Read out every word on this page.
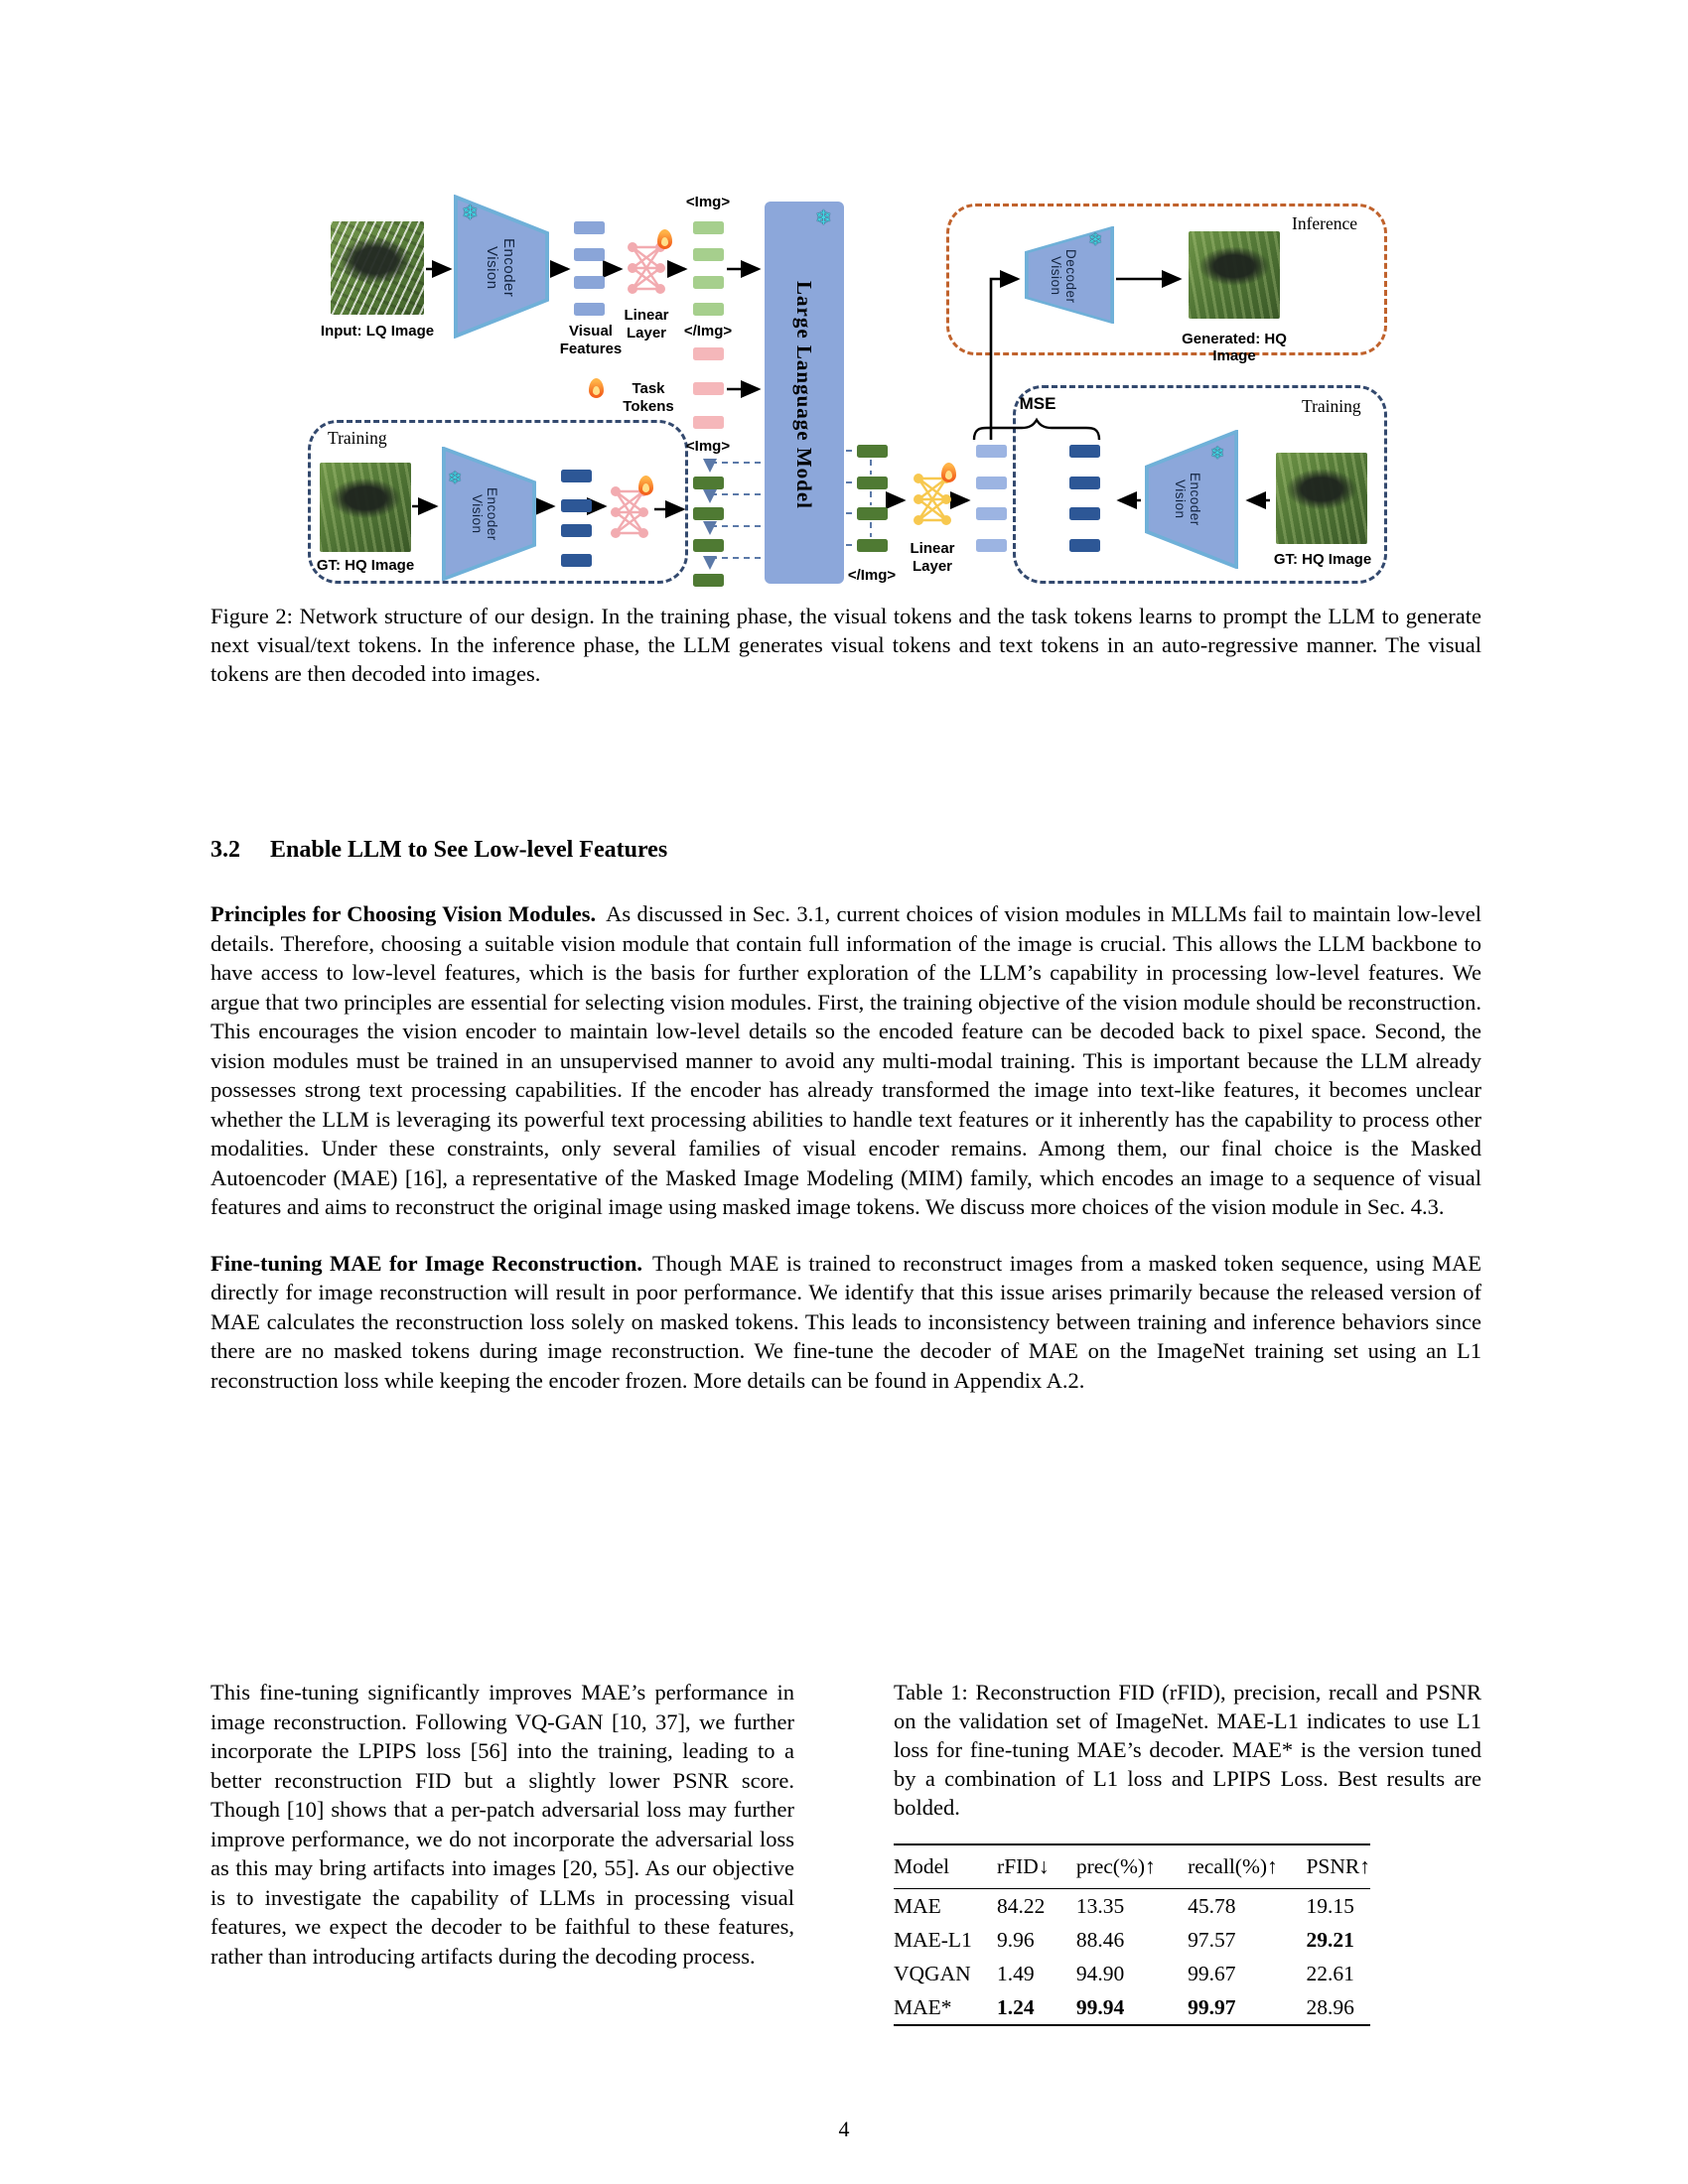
Training
Training
Inference
Input: LQ Image
Vision Encoder
❄
Visual Features
Linear Layer
<Img>
</Img>
Task Tokens	Large Language Model
❄
Vision Decoder
❄
Generated: HQ Image
GT: HQ Image
Vision Encoder
❄
<Img>
</Img>
Linear Layer
MSE
Vision Encoder
❄
GT: HQ Image
Figure 2: Network structure of our design. In the training phase, the visual tokens and the task tokens learns to prompt the LLM to generate next visual/text tokens. In the inference phase, the LLM generates visual tokens and text tokens in an auto-regressive manner. The visual tokens are then decoded into images.
3.2 Enable LLM to See Low-level Features

Principles for Choosing Vision Modules. As discussed in Sec. 3.1, current choices of vision modules in MLLMs fail to maintain low-level details. Therefore, choosing a suitable vision module that contain full information of the image is crucial. This allows the LLM backbone to have access to low-level features, which is the basis for further exploration of the LLM’s capability in processing low-level features. We argue that two principles are essential for selecting vision modules. First, the training objective of the vision module should be reconstruction. This encourages the vision encoder to maintain low-level details so the encoded feature can be decoded back to pixel space. Second, the vision modules must be trained in an unsupervised manner to avoid any multi-modal training. This is important because the LLM already possesses strong text processing capabilities. If the encoder has already transformed the image into text-like features, it becomes unclear whether the LLM is leveraging its powerful text processing abilities to handle text features or it inherently has the capability to process other modalities. Under these constraints, only several families of visual encoder remains. Among them, our final choice is the Masked Autoencoder (MAE) [16], a representative of the Masked Image Modeling (MIM) family, which encodes an image to a sequence of visual features and aims to reconstruct the original image using masked image tokens. We discuss more choices of the vision module in Sec. 4.3.

Fine-tuning MAE for Image Reconstruction. Though MAE is trained to reconstruct images from a masked token sequence, using MAE directly for image reconstruction will result in poor performance. We identify that this issue arises primarily because the released version of MAE calculates the reconstruction loss solely on masked tokens. This leads to inconsistency between training and inference behaviors since there are no masked tokens during image reconstruction. We fine-tune the decoder of MAE on the ImageNet training set using an L1 reconstruction loss while keeping the encoder frozen. More details can be found in Appendix A.2.

This fine-tuning significantly improves MAE’s performance in image reconstruction. Following VQ-GAN [10, 37], we further incorporate the LPIPS loss [56] into the training, leading to a better reconstruction FID but a slightly lower PSNR score. Though [10] shows that a per-patch adversarial loss may further improve performance, we do not incorporate the adversarial loss as this may bring artifacts into images [20, 55]. As our objective is to investigate the capability of LLMs in processing visual features, we expect the decoder to be faithful to these features, rather than introducing artifacts during the decoding process.
Table 1: Reconstruction FID (rFID), precision, recall and PSNR on the validation set of ImageNet. MAE-L1 indicates to use L1 loss for fine-tuning MAE’s decoder. MAE* is the version tuned by a combination of L1 loss and LPIPS Loss. Best results are bolded.
Model	rFID↓	prec(%)↑	recall(%)↑	PSNR↑
MAE	84.22	13.35	45.78	19.15
MAE-L1	9.96	88.46	97.57	29.21
VQGAN	1.49	94.90	99.67	22.61
MAE*	1.24	99.94	99.97	28.96
4
